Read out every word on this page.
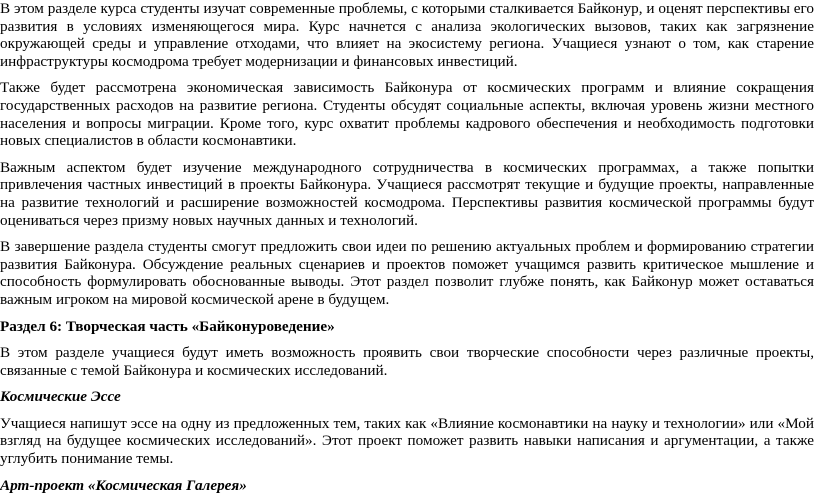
В этом разделе курса студенты изучат современные проблемы, с которыми сталкивается Байконур, и оценят перспективы его развития в условиях изменяющегося мира. Курс начнется с анализа экологических вызовов, таких как загрязнение окружающей среды и управление отходами, что влияет на экосистему региона. Учащиеся узнают о том, как старение инфраструктуры космодрома требует модернизации и финансовых инвестиций.

Также будет рассмотрена экономическая зависимость Байконура от космических программ и влияние сокращения государственных расходов на развитие региона. Студенты обсудят социальные аспекты, включая уровень жизни местного населения и вопросы миграции. Кроме того, курс охватит проблемы кадрового обеспечения и необходимость подготовки новых специалистов в области космонавтики.

Важным аспектом будет изучение международного сотрудничества в космических программах, а также попытки привлечения частных инвестиций в проекты Байконура. Учащиеся рассмотрят текущие и будущие проекты, направленные на развитие технологий и расширение возможностей космодрома. Перспективы развития космической программы будут оцениваться через призму новых научных данных и технологий.

В завершение раздела студенты смогут предложить свои идеи по решению актуальных проблем и формированию стратегии развития Байконура. Обсуждение реальных сценариев и проектов поможет учащимся развить критическое мышление и способность формулировать обоснованные выводы. Этот раздел позволит глубже понять, как Байконур может оставаться важным игроком на мировой космической арене в будущем.

Раздел 6: Творческая часть «Байконуроведение»

В этом разделе учащиеся будут иметь возможность проявить свои творческие способности через различные проекты, связанные с темой Байконура и космических исследований.

Космические Эссе

Учащиеся напишут эссе на одну из предложенных тем, таких как «Влияние космонавтики на науку и технологии» или «Мой взгляд на будущее космических исследований». Этот проект поможет развить навыки написания и аргументации, а также углубить понимание темы.

Арт-проект «Космическая Галерея»
